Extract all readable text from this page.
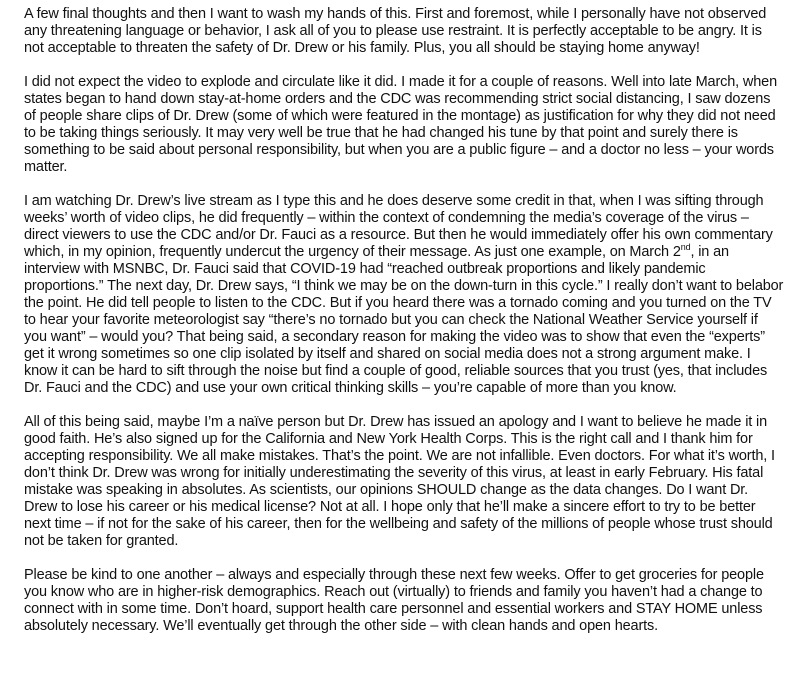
A few final thoughts and then I want to wash my hands of this. First and foremost, while I personally have not observed any threatening language or behavior, I ask all of you to please use restraint. It is perfectly acceptable to be angry. It is not acceptable to threaten the safety of Dr. Drew or his family. Plus, you all should be staying home anyway!

I did not expect the video to explode and circulate like it did. I made it for a couple of reasons. Well into late March, when states began to hand down stay-at-home orders and the CDC was recommending strict social distancing, I saw dozens of people share clips of Dr. Drew (some of which were featured in the montage) as justification for why they did not need to be taking things seriously. It may very well be true that he had changed his tune by that point and surely there is something to be said about personal responsibility, but when you are a public figure – and a doctor no less – your words matter.

I am watching Dr. Drew’s live stream as I type this and he does deserve some credit in that, when I was sifting through weeks’ worth of video clips, he did frequently – within the context of condemning the media’s coverage of the virus – direct viewers to use the CDC and/or Dr. Fauci as a resource. But then he would immediately offer his own commentary which, in my opinion, frequently undercut the urgency of their message. As just one example, on March 2nd, in an interview with MSNBC, Dr. Fauci said that COVID-19 had “reached outbreak proportions and likely pandemic proportions.” The next day, Dr. Drew says, “I think we may be on the down-turn in this cycle.” I really don’t want to belabor the point. He did tell people to listen to the CDC. But if you heard there was a tornado coming and you turned on the TV to hear your favorite meteorologist say “there’s no tornado but you can check the National Weather Service yourself if you want” – would you? That being said, a secondary reason for making the video was to show that even the “experts” get it wrong sometimes so one clip isolated by itself and shared on social media does not a strong argument make. I know it can be hard to sift through the noise but find a couple of good, reliable sources that you trust (yes, that includes Dr. Fauci and the CDC) and use your own critical thinking skills – you’re capable of more than you know.

All of this being said, maybe I’m a naïve person but Dr. Drew has issued an apology and I want to believe he made it in good faith. He’s also signed up for the California and New York Health Corps. This is the right call and I thank him for accepting responsibility. We all make mistakes. That’s the point. We are not infallible. Even doctors. For what it’s worth, I don’t think Dr. Drew was wrong for initially underestimating the severity of this virus, at least in early February. His fatal mistake was speaking in absolutes. As scientists, our opinions SHOULD change as the data changes. Do I want Dr. Drew to lose his career or his medical license? Not at all. I hope only that he’ll make a sincere effort to try to be better next time – if not for the sake of his career, then for the wellbeing and safety of the millions of people whose trust should not be taken for granted.

Please be kind to one another – always and especially through these next few weeks. Offer to get groceries for people you know who are in higher-risk demographics. Reach out (virtually) to friends and family you haven’t had a change to connect with in some time. Don’t hoard, support health care personnel and essential workers and STAY HOME unless absolutely necessary. We’ll eventually get through the other side – with clean hands and open hearts.
